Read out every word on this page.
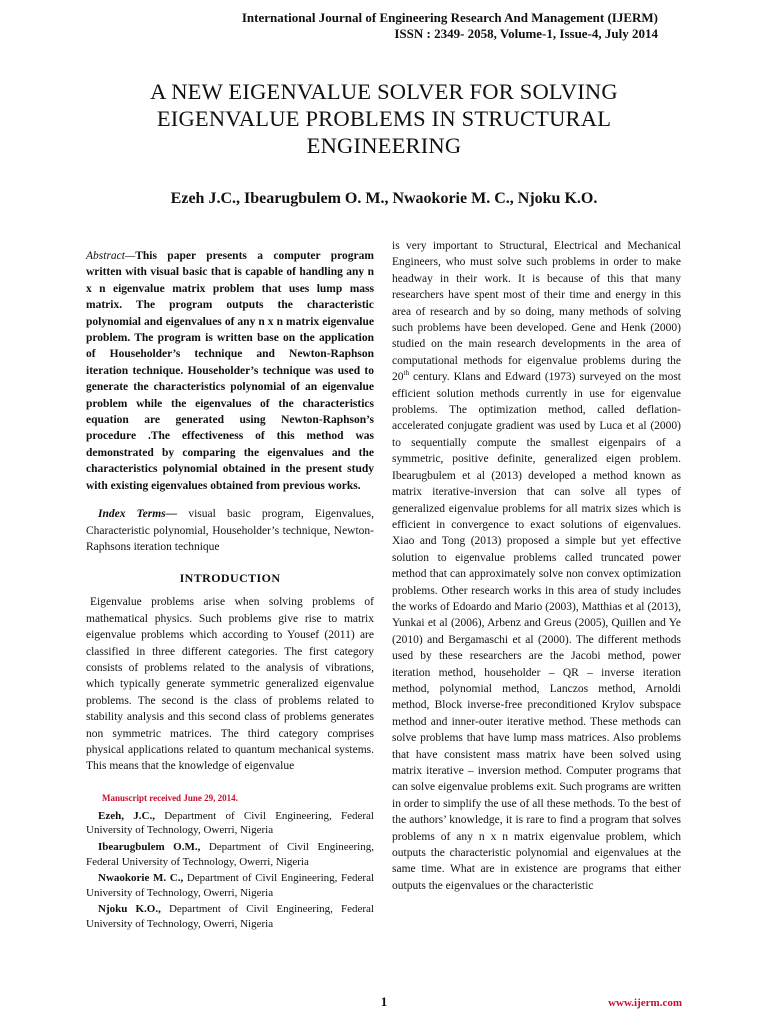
International Journal of Engineering Research And Management (IJERM)
ISSN : 2349- 2058, Volume-1, Issue-4, July 2014
A NEW EIGENVALUE SOLVER FOR SOLVING
EIGENVALUE PROBLEMS IN STRUCTURAL
ENGINEERING
Ezeh J.C., Ibearugbulem O. M., Nwaokorie M. C., Njoku K.O.

Abstract—This paper presents a computer program written with visual basic that is capable of handling any n x n eigenvalue matrix problem that uses lump mass matrix. The program outputs the characteristic polynomial and eigenvalues of any n x n matrix eigenvalue problem. The program is written base on the application of Householder’s technique and Newton-Raphson iteration technique. Householder’s technique was used to generate the characteristics polynomial of an eigenvalue problem while the eigenvalues of the characteristics equation are generated using Newton-Raphson’s procedure .The effectiveness of this method was demonstrated by comparing the eigenvalues and the characteristics polynomial obtained in the present study with existing eigenvalues obtained from previous works.

Index Terms— visual basic program, Eigenvalues, Characteristic polynomial, Householder’s technique, Newton-Raphsons iteration technique

INTRODUCTION

Eigenvalue problems arise when solving problems of mathematical physics. Such problems give rise to matrix eigenvalue problems which according to Yousef (2011) are classified in three different categories. The first category consists of problems related to the analysis of vibrations, which typically generate symmetric generalized eigenvalue problems. The second is the class of problems related to stability analysis and this second class of problems generates non symmetric matrices. The third category comprises physical applications related to quantum mechanical systems. This means that the knowledge of eigenvalue

Manuscript received June 29, 2014.

Ezeh, J.C., Department of Civil Engineering, Federal University of Technology, Owerri, Nigeria

Ibearugbulem O.M., Department of Civil Engineering, Federal University of Technology, Owerri, Nigeria

Nwaokorie M. C., Department of Civil Engineering, Federal University of Technology, Owerri, Nigeria

Njoku K.O., Department of Civil Engineering, Federal University of Technology, Owerri, Nigeria

is very important to Structural, Electrical and Mechanical Engineers, who must solve such problems in order to make headway in their work. It is because of this that many researchers have spent most of their time and energy in this area of research and by so doing, many methods of solving such problems have been developed. Gene and Henk (2000) studied on the main research developments in the area of computational methods for eigenvalue problems during the 20th century. Klans and Edward (1973) surveyed on the most efficient solution methods currently in use for eigenvalue problems. The optimization method, called deflation-accelerated conjugate gradient was used by Luca et al (2000) to sequentially compute the smallest eigenpairs of a symmetric, positive definite, generalized eigen problem. Ibearugbulem et al (2013) developed a method known as matrix iterative-inversion that can solve all types of generalized eigenvalue problems for all matrix sizes which is efficient in convergence to exact solutions of eigenvalues. Xiao and Tong (2013) proposed a simple but yet effective solution to eigenvalue problems called truncated power method that can approximately solve non convex optimization problems. Other research works in this area of study includes the works of Edoardo and Mario (2003), Matthias et al (2013), Yunkai et al (2006), Arbenz and Greus (2005), Quillen and Ye (2010) and Bergamaschi et al (2000). The different methods used by these researchers are the Jacobi method, power iteration method, householder – QR – inverse iteration method, polynomial method, Lanczos method, Arnoldi method, Block inverse-free preconditioned Krylov subspace method and inner-outer iterative method. These methods can solve problems that have lump mass matrices. Also problems that have consistent mass matrix have been solved using matrix iterative – inversion method. Computer programs that can solve eigenvalue problems exit. Such programs are written in order to simplify the use of all these methods. To the best of the authors’ knowledge, it is rare to find a program that solves problems of any n x n matrix eigenvalue problem, which outputs the characteristic polynomial and eigenvalues at the same time. What are in existence are programs that either outputs the eigenvalues or the characteristic

1	www.ijerm.com
